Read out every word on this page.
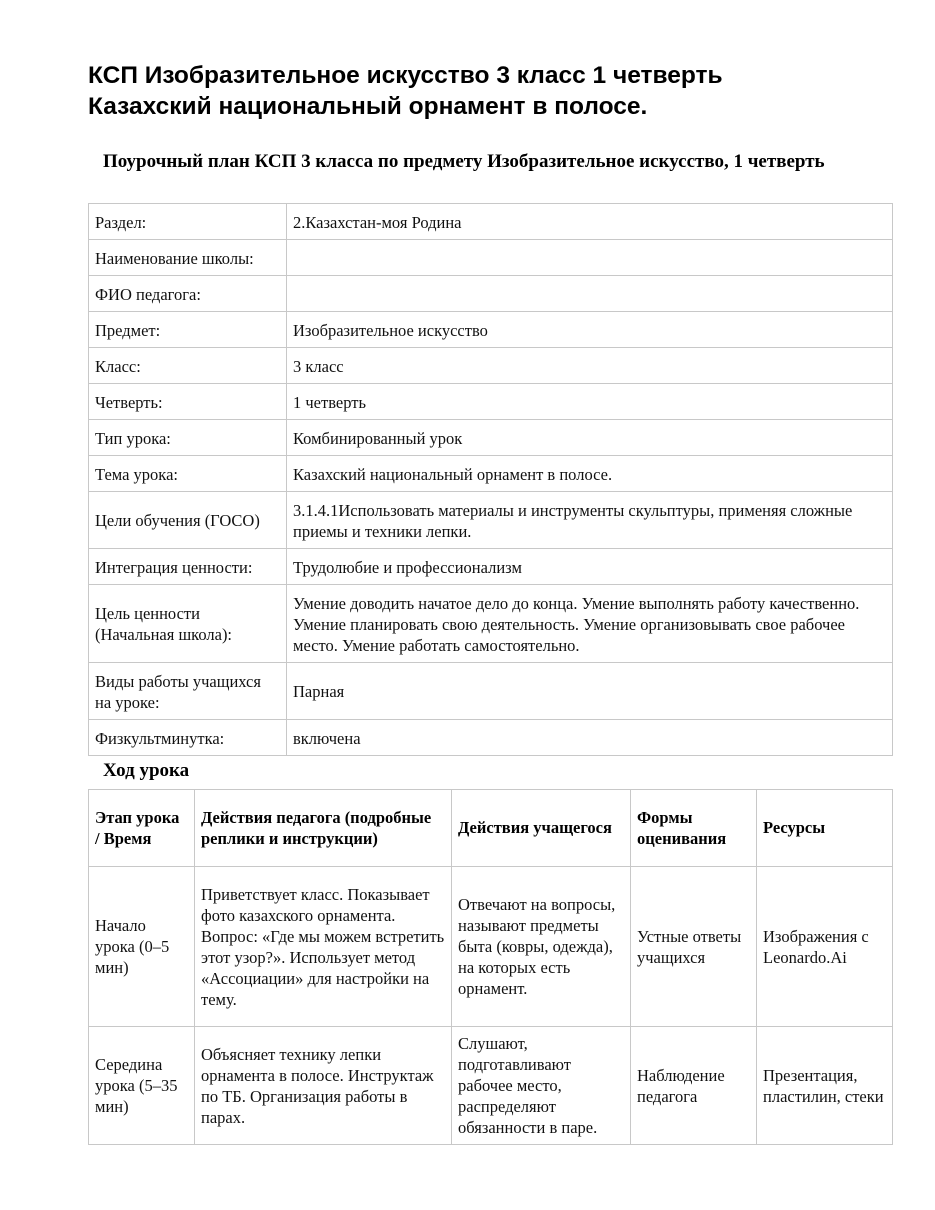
КСП Изобразительное искусство 3 класс 1 четверть
Казахский национальный орнамент в полосе.
Поурочный план КСП 3 класса по предмету Изобразительное искусство, 1 четверть
Раздел:	2.Казахстан-моя Родина
Наименование школы:	
ФИО педагога:	
Предмет:	Изобразительное искусство
Класс:	3 класс
Четверть:	1 четверть
Тип урока:	Комбинированный урок
Тема урока:	Казахский национальный орнамент в полосе.
Цели обучения (ГОСО)	3.1.4.1Использовать материалы и инструменты скульптуры, применяя сложные приемы и техники лепки.
Интеграция ценности:	Трудолюбие и профессионализм
Цель ценности (Начальная школа):	Умение доводить начатое дело до конца. Умение выполнять работу качественно. Умение планировать свою деятельность. Умение организовывать свое рабочее место. Умение работать самостоятельно.
Виды работы учащихся на уроке:	Парная
Физкультминутка:	включена
Ход урока
Этап урока / Время	Действия педагога (подробные реплики и инструкции)	Действия учащегося	Формы оценивания	Ресурсы
Начало урока (0–5 мин)	Приветствует класс. Показывает фото казахского орнамента. Вопрос: «Где мы можем встретить этот узор?». Использует метод «Ассоциации» для настройки на тему.	Отвечают на вопросы, называют предметы быта (ковры, одежда), на которых есть орнамент.	Устные ответы учащихся	Изображения с Leonardo.Ai
Середина урока (5–35 мин)	Объясняет технику лепки орнамента в полосе. Инструктаж по ТБ. Организация работы в парах.	Слушают, подготавливают рабочее место, распределяют обязанности в паре.	Наблюдение педагога	Презентация, пластилин, стеки
